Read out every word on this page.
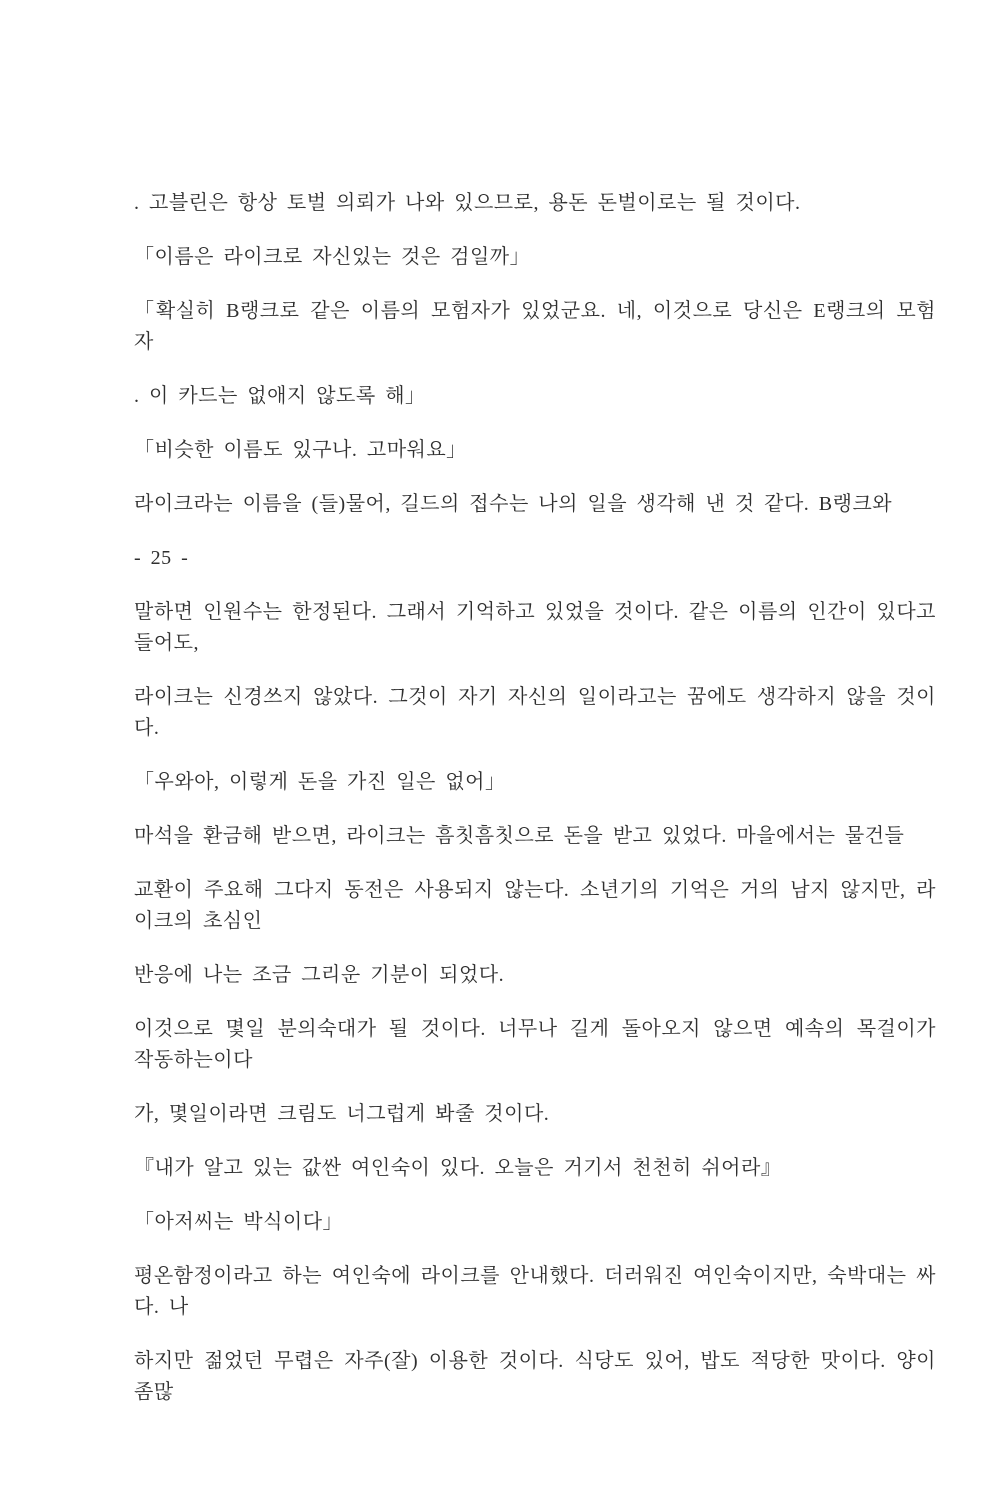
. 고블린은 항상 토벌 의뢰가 나와 있으므로, 용돈 돈벌이로는 될 것이다.

「이름은 라이크로 자신있는 것은 검일까」

「확실히 B랭크로 같은 이름의 모험자가 있었군요. 네, 이것으로 당신은 E랭크의 모험자

. 이 카드는 없애지 않도록 해」

「비슷한 이름도 있구나. 고마워요」

라이크라는 이름을 (들)물어, 길드의 접수는 나의 일을 생각해 낸 것 같다. B랭크와

- 25 -

말하면 인원수는 한정된다. 그래서 기억하고 있었을 것이다. 같은 이름의 인간이 있다고 들어도,

라이크는 신경쓰지 않았다. 그것이 자기 자신의 일이라고는 꿈에도 생각하지 않을 것이다.

「우와아, 이렇게 돈을 가진 일은 없어」

마석을 환금해 받으면, 라이크는 흠칫흠칫으로 돈을 받고 있었다. 마을에서는 물건들

교환이 주요해 그다지 동전은 사용되지 않는다. 소년기의 기억은 거의 남지 않지만, 라이크의 초심인

반응에 나는 조금 그리운 기분이 되었다.

이것으로 몇일 분의숙대가 될 것이다. 너무나 길게 돌아오지 않으면 예속의 목걸이가 작동하는이다

가, 몇일이라면 크림도 너그럽게 봐줄 것이다.

『내가 알고 있는 값싼 여인숙이 있다. 오늘은 거기서 천천히 쉬어라』

「아저씨는 박식이다」

평온함정이라고 하는 여인숙에 라이크를 안내했다. 더러워진 여인숙이지만, 숙박대는 싸다. 나

하지만 젊었던 무렵은 자주(잘) 이용한 것이다. 식당도 있어, 밥도 적당한 맛이다. 양이 좀많
